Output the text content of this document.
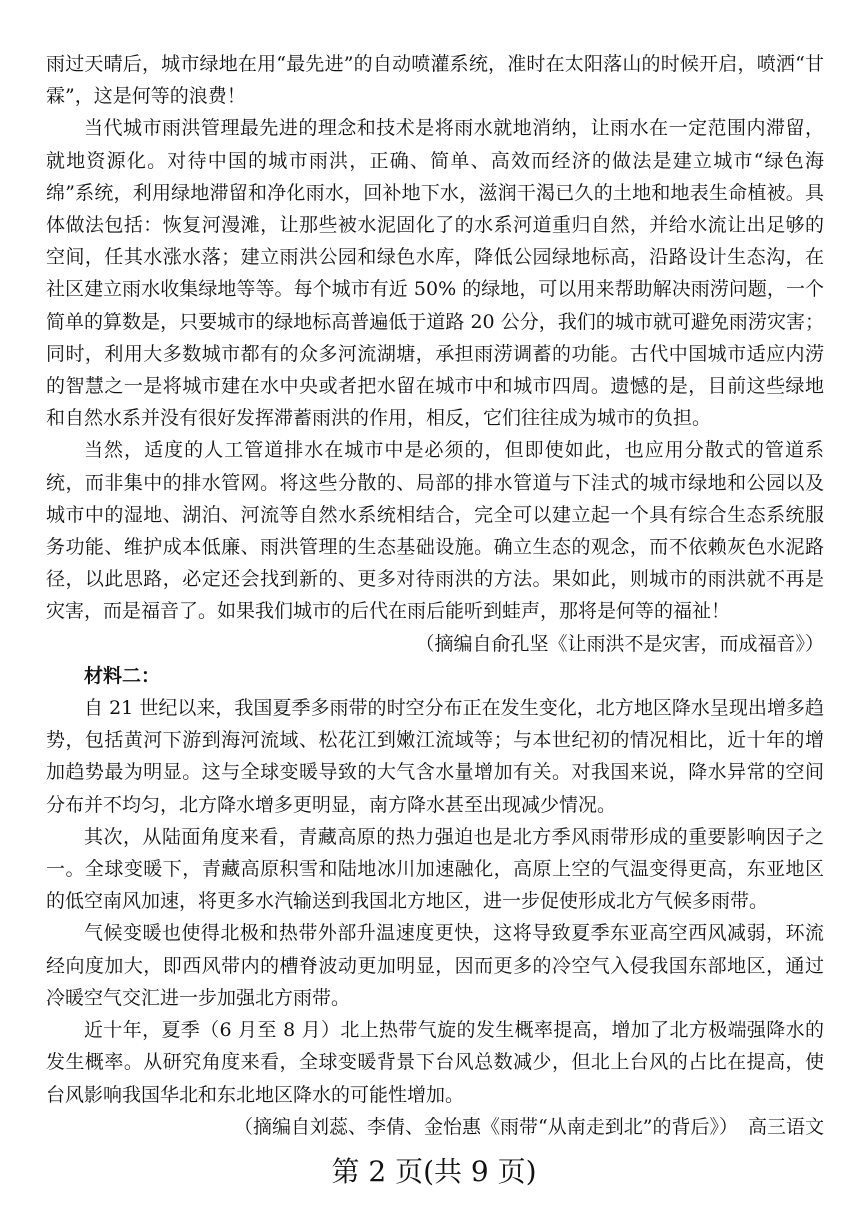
雨过天晴后，城市绿地在用“最先进”的自动喷灌系统，准时在太阳落山的时候开启，喷洒“甘霖”，这是何等的浪费！

当代城市雨洪管理最先进的理念和技术是将雨水就地消纳，让雨水在一定范围内滞留，就地资源化。对待中国的城市雨洪，正确、简单、高效而经济的做法是建立城市“绿色海绵”系统，利用绿地滞留和净化雨水，回补地下水，滋润干渴已久的土地和地表生命植被。具体做法包括：恢复河漫滩，让那些被水泥固化了的水系河道重归自然，并给水流让出足够的空间，任其水涨水落；建立雨洪公园和绿色水库，降低公园绿地标高，沿路设计生态沟，在社区建立雨水收集绿地等等。每个城市有近 50% 的绿地，可以用来帮助解决雨涝问题，一个简单的算数是，只要城市的绿地标高普遍低于道路 20 公分，我们的城市就可避免雨涝灾害；同时，利用大多数城市都有的众多河流湖塘，承担雨涝调蓄的功能。古代中国城市适应内涝的智慧之一是将城市建在水中央或者把水留在城市中和城市四周。遗憾的是，目前这些绿地和自然水系并没有很好发挥滞蓄雨洪的作用，相反，它们往往成为城市的负担。

当然，适度的人工管道排水在城市中是必须的，但即使如此，也应用分散式的管道系统，而非集中的排水管网。将这些分散的、局部的排水管道与下洼式的城市绿地和公园以及城市中的湿地、湖泊、河流等自然水系统相结合，完全可以建立起一个具有综合生态系统服务功能、维护成本低廉、雨洪管理的生态基础设施。确立生态的观念，而不依赖灰色水泥路径，以此思路，必定还会找到新的、更多对待雨洪的方法。果如此，则城市的雨洪就不再是灾害，而是福音了。如果我们城市的后代在雨后能听到蛙声，那将是何等的福祉！

（摘编自俞孔坚《让雨洪不是灾害，而成福音》）

材料二：

自 21 世纪以来，我国夏季多雨带的时空分布正在发生变化，北方地区降水呈现出增多趋势，包括黄河下游到海河流域、松花江到嫩江流域等；与本世纪初的情况相比，近十年的增加趋势最为明显。这与全球变暖导致的大气含水量增加有关。对我国来说，降水异常的空间分布并不均匀，北方降水增多更明显，南方降水甚至出现减少情况。

其次，从陆面角度来看，青藏高原的热力强迫也是北方季风雨带形成的重要影响因子之一。全球变暖下，青藏高原积雪和陆地冰川加速融化，高原上空的气温变得更高，东亚地区的低空南风加速，将更多水汽输送到我国北方地区，进一步促使形成北方气候多雨带。

气候变暖也使得北极和热带外部升温速度更快，这将导致夏季东亚高空西风减弱，环流经向度加大，即西风带内的槽脊波动更加明显，因而更多的冷空气入侵我国东部地区，通过冷暖空气交汇进一步加强北方雨带。

近十年，夏季（6 月至 8 月）北上热带气旋的发生概率提高，增加了北方极端强降水的发生概率。从研究角度来看，全球变暖背景下台风总数减少，但北上台风的占比在提高，使台风影响我国华北和东北地区降水的可能性增加。

（摘编自刘蕊、李倩、金怡惠《雨带“从南走到北”的背后》） 高三语文
第 2 页(共 9 页)
